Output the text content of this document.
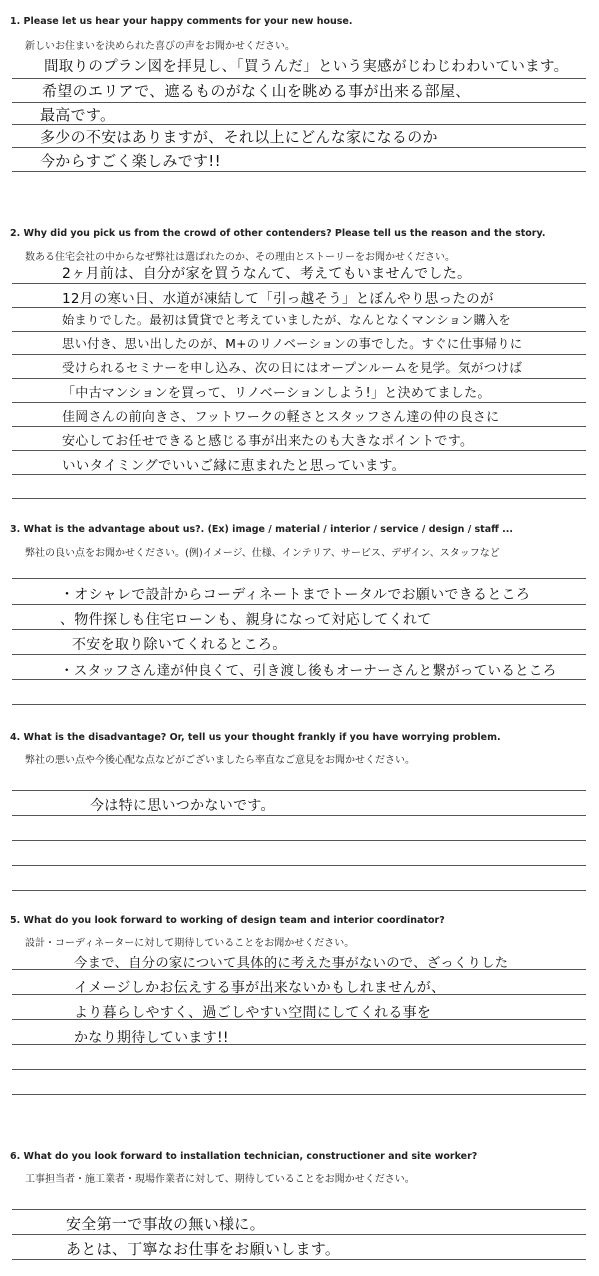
1. Please let us hear your happy comments for your new house.
新しいお住まいを決められた喜びの声をお聞かせください。
間取りのプラン図を拝見し、「買うんだ」という実感がじわじわわいています。
希望のエリアで、遮るものがなく山を眺める事が出来る部屋、
最高です。
多少の不安はありますが、それ以上にどんな家になるのか
今からすごく楽しみです!!
2. Why did you pick us from the crowd of other contenders? Please tell us the reason and the story.
数ある住宅会社の中からなぜ弊社は選ばれたのか、その理由とストーリーをお聞かせください。
2ヶ月前は、自分が家を買うなんて、考えてもいませんでした。
12月の寒い日、水道が凍結して「引っ越そう」とぼんやり思ったのが
始まりでした。最初は賃貸でと考えていましたが、なんとなくマンション購入を
思い付き、思い出したのが、M+のリノベーションの事でした。すぐに仕事帰りに
受けられるセミナーを申し込み、次の日にはオープンルームを見学。気がつけば
「中古マンションを買って、リノベーションしよう!」と決めてました。
佳岡さんの前向きさ、フットワークの軽さとスタッフさん達の仲の良さに
安心してお任せできると感じる事が出来たのも大きなポイントです。
いいタイミングでいいご縁に恵まれたと思っています。
3. What is the advantage about us?. (Ex) image / material / interior / service / design / staff ...
弊社の良い点をお聞かせください。(例)イメージ、仕様、インテリア、サービス、デザイン、スタッフなど
・オシャレで設計からコーディネートまでトータルでお願いできるところ
、物件探しも住宅ローンも、親身になって対応してくれて
不安を取り除いてくれるところ。
・スタッフさん達が仲良くて、引き渡し後もオーナーさんと繋がっているところ
4. What is the disadvantage? Or, tell us your thought frankly if you have worrying problem.
弊社の悪い点や今後心配な点などがございましたら率直なご意見をお聞かせください。
今は特に思いつかないです。
5. What do you look forward to working of design team and interior coordinator?
設計・コーディネーターに対して期待していることをお聞かせください。
今まで、自分の家について具体的に考えた事がないので、ざっくりした
イメージしかお伝えする事が出来ないかもしれませんが、
より暮らしやすく、過ごしやすい空間にしてくれる事を
かなり期待しています!!
6. What do you look forward to installation technician, constructioner and site worker?
工事担当者・施工業者・現場作業者に対して、期待していることをお聞かせください。
安全第一で事故の無い様に。
あとは、丁寧なお仕事をお願いします。
